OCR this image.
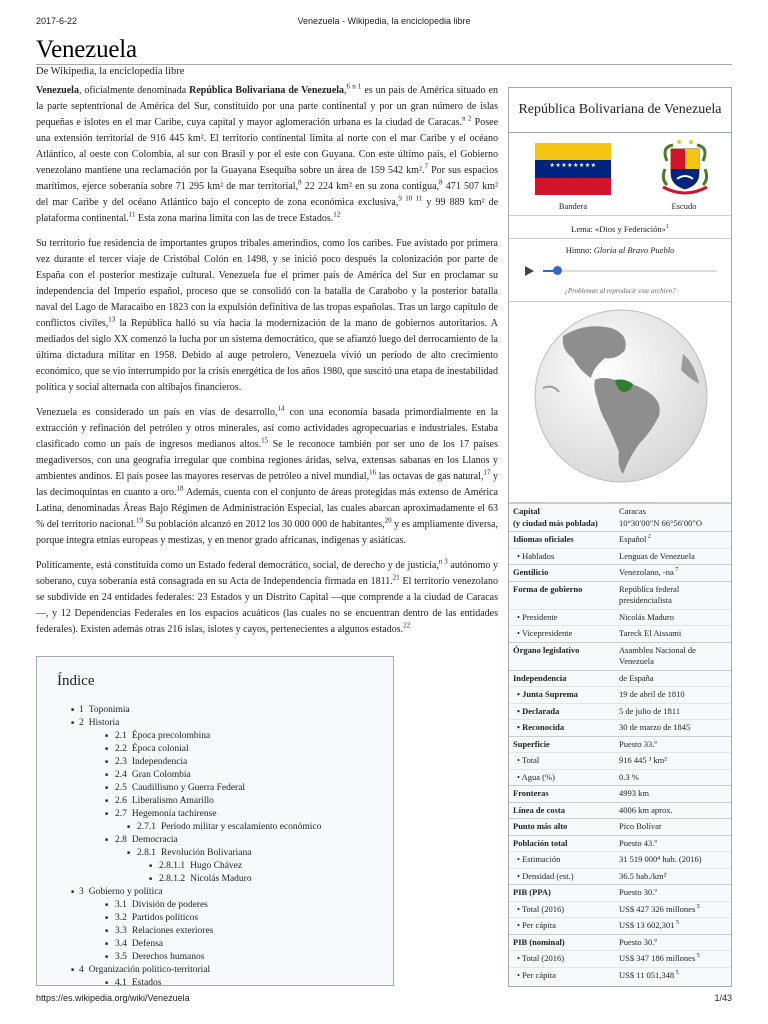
2017-6-22	Venezuela - Wikipedia, la enciclopedia libre
https://es.wikipedia.org/wiki/Venezuela	1/43
Venezuela
De Wikipedia, la enciclopedia libre

Venezuela, oficialmente denominada República Bolivariana de Venezuela,$^{6 n 1}$ es un país de América situado en la parte septentrional de América del Sur, constituido por una parte continental y por un gran número de islas pequeñas e islotes en el mar Caribe, cuya capital y mayor aglomeración urbana es la ciudad de Caracas.$^{n 2}$ Posee una extensión territorial de 916 445 km². El territorio continental limita al norte con el mar Caribe y el océano Atlántico, al oeste con Colombia, al sur con Brasil y por el este con Guyana. Con este último país, el Gobierno venezolano mantiene una reclamación por la Guayana Esequiba sobre un área de 159 542 km².$^7$ Por sus espacios marítimos, ejerce soberanía sobre 71 295 km² de mar territorial,$^8$ 22 224 km² en su zona contigua,$^8$ 471 507 km² del mar Caribe y del océano Atlántico bajo el concepto de zona económica exclusiva,$^{9 10 11}$ y 99 889 km² de plataforma continental.$^{11}$ Esta zona marina limita con las de trece Estados.$^{12}$

Su territorio fue residencia de importantes grupos tribales amerindios, como los caribes. Fue avistado por primera vez durante el tercer viaje de Cristóbal Colón en 1498, y se inició poco después la colonización por parte de España con el posterior mestizaje cultural. Venezuela fue el primer país de América del Sur en proclamar su independencia del Imperio español, proceso que se consolidó con la batalla de Carabobo y la posterior batalla naval del Lago de Maracaibo en 1823 con la expulsión definitiva de las tropas españolas. Tras un largo capítulo de conflictos civiles,$^{13}$ la República halló su vía hacia la modernización de la mano de gobiernos autoritarios. A mediados del siglo XX comenzó la lucha por un sistema democrático, que se afianzó luego del derrocamiento de la última dictadura militar en 1958. Debido al auge petrolero, Venezuela vivió un período de alto crecimiento económico, que se vio interrumpido por la crisis energética de los años 1980, que suscitó una etapa de inestabilidad política y social alternada con altibajos financieros.

Venezuela es considerado un país en vías de desarrollo,$^{14}$ con una economía basada primordialmente en la extracción y refinación del petróleo y otros minerales, así como actividades agropecuarias e industriales. Estaba clasificado como un país de ingresos medianos altos.$^{15}$ Se le reconoce también por ser uno de los 17 países megadiversos, con una geografía irregular que combina regiones áridas, selva, extensas sabanas en los Llanos y ambientes andinos. El país posee las mayores reservas de petróleo a nivel mundial,$^{16}$ las octavas de gas natural,$^{17}$ y las decimoquintas en cuanto a oro.$^{18}$ Además, cuenta con el conjunto de áreas protegidas más extenso de América Latina, denominadas Áreas Bajo Régimen de Administración Especial, las cuales abarcan aproximadamente el 63 % del territorio nacional.$^{19}$ Su población alcanzó en 2012 los 30 000 000 de habitantes,$^{20}$ y es ampliamente diversa, porque integra etnias europeas y mestizas, y en menor grado africanas, indígenas y asiáticas.

Políticamente, está constituida como un Estado federal democrático, social, de derecho y de justicia,$^{n 3}$ autónomo y soberano, cuya soberanía está consagrada en su Acta de Independencia firmada en 1811.21 El territorio venezolano se subdivide en 24 entidades federales: 23 Estados y un Distrito Capital —que comprende a la ciudad de Caracas—, y 12 Dependencias Federales en los espacios acuáticos (las cuales no se encuentran dentro de las entidades federales). Existen además otras 216 islas, islotes y cayos, pertenecientes a algunos estados.$^{22}$

Índice
■ 1 Toponimia
■ 2 Historia
■ 2.1 Época precolombina
■ 2.2 Época colonial
■ 2.3 Independencia
■ 2.4 Gran Colombia
■ 2.5 Caudillismo y Guerra Federal
■ 2.6 Liberalismo Amarillo
■ 2.7 Hegemonía tachirense
■ 2.7.1 Período militar y escalamiento económico
■ 2.8 Democracia
■ 2.8.1 Revolución Bolivariana
■ 2.8.1.1 Hugo Chávez
■ 2.8.1.2 Nicolás Maduro
■ 3 Gobierno y política
■ 3.1 División de poderes
■ 3.2 Partidos políticos
■ 3.3 Relaciones exteriores
■ 3.4 Defensa
■ 3.5 Derechos humanos
■ 4 Organización político-territorial
■ 4.1 Estados
República Bolivariana de Venezuela
★★★★★★★★
Bandera	Escudo
Lema: «Dios y Federación»$^1$
Himno: Gloria al Bravo Pueblo
¿Problemas al reproducir este archivo?
Capital
(y ciudad más poblada)	Caracas
10°30′00″N 66°56′00″O
Idiomas oficiales	Español $^2$
• Hablados	Lenguas de Venezuela
Gentilicio	Venezolano, -na $^7$
Forma de gobierno	República federal presidencialista
• Presidente	Nicolás Maduro
• Vicepresidente	Tareck El Aissami
Órgano legislativo	Asamblea Nacional de Venezuela
Independencia	de España
• Junta Suprema	19 de abril de 1810
• Declarada	5 de julio de 1811
• Reconocida	30 de marzo de 1845
Superficie	Puesto 33.º
• Total	916 445 ³ km²
• Agua (%)	0.3 %
Fronteras	4993 km
Línea de costa	4006 km aprox.
Punto más alto	Pico Bolívar
Población total	Puesto 43.º
• Estimación	31 519 000⁴ hab. (2016)
• Densidad (est.)	36.5 hab./km²
PIB (PPA)	Puesto 30.º
• Total (2016)	US$ 427 326 millones $^5$
• Per cápita	US$ 13 602,301 $^5$
PIB (nominal)	Puesto 30.º
• Total (2016)	US$ 347 186 millones $^5$
• Per cápita	US$ 11 051,348 $^5$
